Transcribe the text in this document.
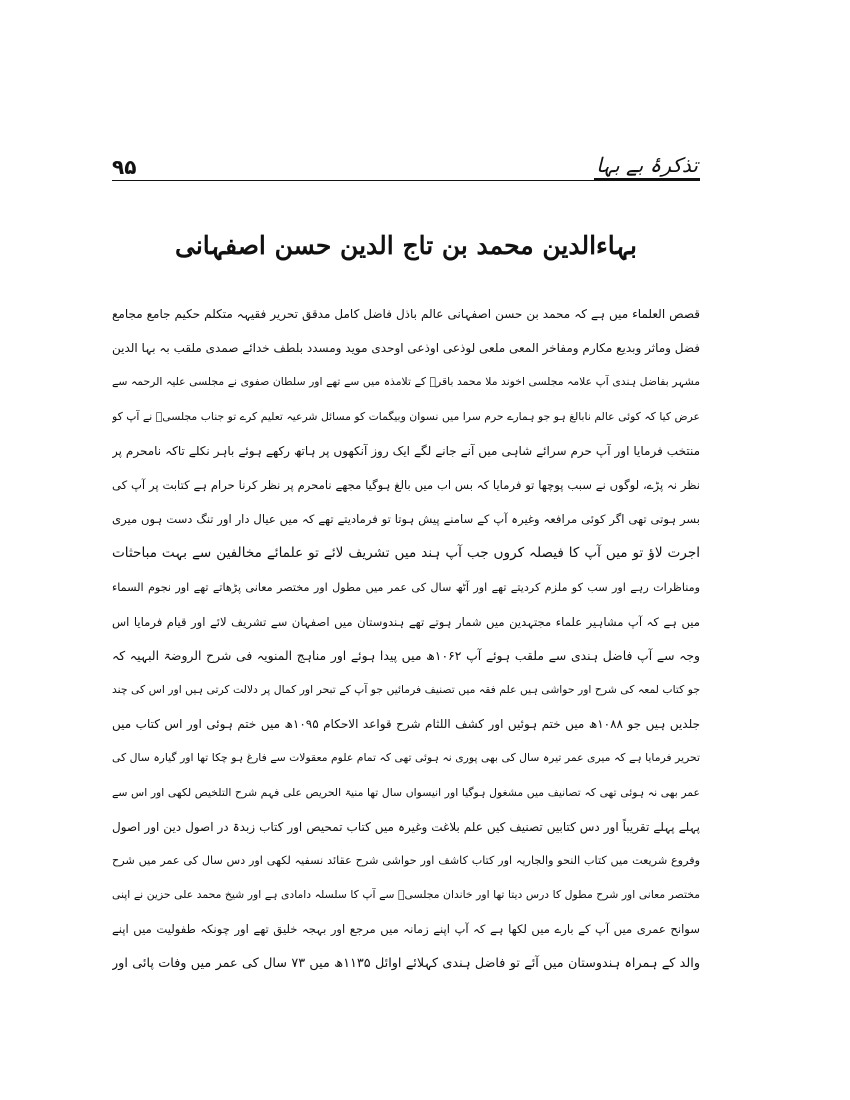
۹۵	تذکرۂ بے بہا
بہاءالدین محمد بن تاج الدین حسن اصفہانی
قصص العلماء میں ہے کہ محمد بن حسن اصفہانی عالم باذل فاضل کامل مدقق تحریر فقیہہ متکلم حکیم جامع مجامع
فضل وماثر وبدیع مکارم ومفاخر المعی ملعی لوذعی اوذعی اوحدی موید ومسدد بلطف خدائے صمدی ملقب بہ بہا الدین
مشہر بفاضل ہندی آپ علامہ مجلسی اخوند ملا محمد باقرؒ کے تلامذہ میں سے تھے اور سلطان صفوی نے مجلسی علیہ الرحمہ سے
عرض کیا کہ کوئی عالم نابالغ ہو جو ہمارے حرم سرا میں نسوان وبیگمات کو مسائل شرعیہ تعلیم کرے تو جناب مجلسیؒ نے آپ کو
منتخب فرمایا اور آپ حرم سرائے شاہی میں آنے جانے لگے ایک روز آنکھوں پر ہاتھ رکھے ہوئے باہر نکلے تاکہ نامحرم پر
نظر نہ پڑے، لوگوں نے سبب پوچھا تو فرمایا کہ بس اب میں بالغ ہوگیا مجھے نامحرم پر نظر کرنا حرام ہے کتابت پر آپ کی
بسر ہوتی تھی اگر کوئی مرافعہ وغیرہ آپ کے سامنے پیش ہوتا تو فرمادیتے تھے کہ میں عیال دار اور تنگ دست ہوں میری
اجرت لاؤ تو میں آپ کا فیصلہ کروں جب آپ ہند میں تشریف لائے تو علمائے مخالفین سے بہت مباحثات
ومناظرات رہے اور سب کو ملزم کردیتے تھے اور آٹھ سال کی عمر میں مطول اور مختصر معانی پڑھاتے تھے اور نجوم السماء
میں ہے کہ آپ مشاہیر علماء مجتہدین میں شمار ہوتے تھے ہندوستان میں اصفہان سے تشریف لائے اور قیام فرمایا اس
وجہ سے آپ فاضل ہندی سے ملقب ہوئے آپ ۱۰۶۲ھ میں پیدا ہوئے اور مناہج المنویہ فی شرح الروضۃ البہیہ کہ
جو کتاب لمعہ کی شرح اور حواشی ہیں علم فقہ میں تصنیف فرمائیں جو آپ کے تبحر اور کمال پر دلالت کرتی ہیں اور اس کی چند
جلدیں ہیں جو ۱۰۸۸ھ میں ختم ہوئیں اور کشف اللثام شرح قواعد الاحکام ۱۰۹۵ھ میں ختم ہوئی اور اس کتاب میں
تحریر فرمایا ہے کہ میری عمر تیرہ سال کی بھی پوری نہ ہوئی تھی کہ تمام علوم معقولات سے فارغ ہو چکا تھا اور گیارہ سال کی
عمر بھی نہ ہوئی تھی کہ تصانیف میں مشغول ہوگیا اور انیسواں سال تھا منیۃ الحریص علی فہم شرح التلخیص لکھی اور اس سے
پہلے پہلے تقریباً اور دس کتابیں تصنیف کیں علم بلاغت وغیرہ میں کتاب تمحیص اور کتاب زبدۃ در اصول دین اور اصول
وفروع شریعت میں کتاب النحو والجاریہ اور کتاب کاشف اور حواشی شرح عقائد نسفیہ لکھی اور دس سال کی عمر میں شرح
مختصر معانی اور شرح مطول کا درس دیتا تھا اور خاندان مجلسیؒ سے آپ کا سلسلہ دامادی ہے اور شیخ محمد علی حزین نے اپنی
سوانح عمری میں آپ کے بارے میں لکھا ہے کہ آپ اپنے زمانہ میں مرجع اور بہجہ خلیق تھے اور چونکہ طفولیت میں اپنے
والد کے ہمراہ ہندوستان میں آئے تو فاضل ہندی کہلائے اوائل ۱۱۳۵ھ میں ۷۳ سال کی عمر میں وفات پائی اور
